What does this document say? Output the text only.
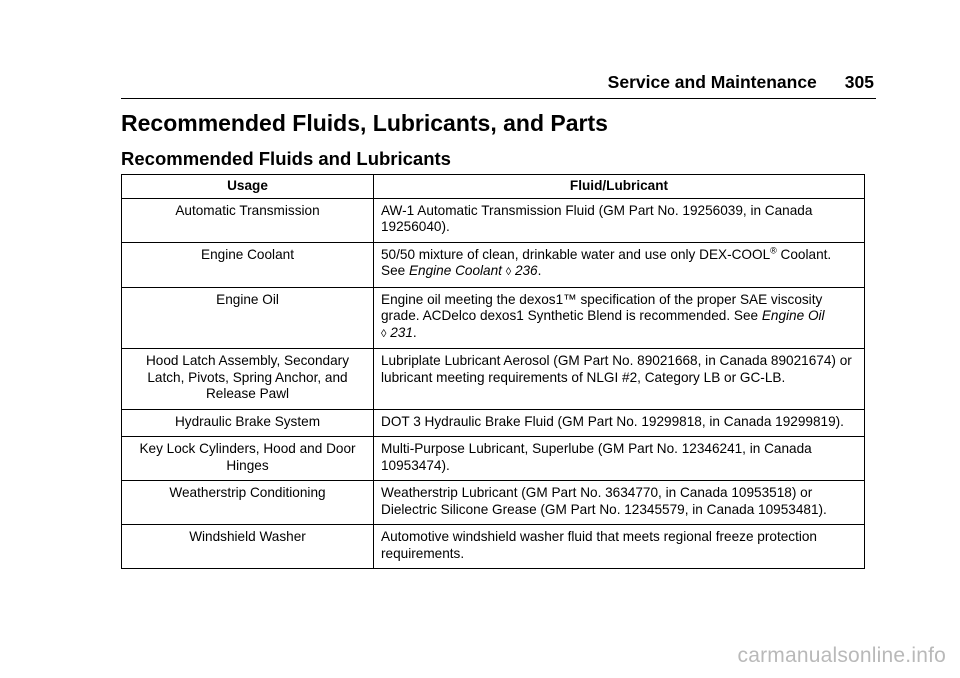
Service and Maintenance 305
Recommended Fluids, Lubricants, and Parts
Recommended Fluids and Lubricants
Usage	Fluid/Lubricant
Automatic Transmission	AW-1 Automatic Transmission Fluid (GM Part No. 19256039, in Canada 19256040).
Engine Coolant	50/50 mixture of clean, drinkable water and use only DEX-COOL® Coolant. See Engine Coolant ◊ 236.
Engine Oil	Engine oil meeting the dexos1™ specification of the proper SAE viscosity grade. ACDelco dexos1 Synthetic Blend is recommended. See Engine Oil
◊ 231.
Hood Latch Assembly, Secondary Latch, Pivots, Spring Anchor, and Release Pawl	Lubriplate Lubricant Aerosol (GM Part No. 89021668, in Canada 89021674) or lubricant meeting requirements of NLGI #2, Category LB or GC-LB.
Hydraulic Brake System	DOT 3 Hydraulic Brake Fluid (GM Part No. 19299818, in Canada 19299819).
Key Lock Cylinders, Hood and Door Hinges	Multi-Purpose Lubricant, Superlube (GM Part No. 12346241, in Canada 10953474).
Weatherstrip Conditioning	Weatherstrip Lubricant (GM Part No. 3634770, in Canada 10953518) or Dielectric Silicone Grease (GM Part No. 12345579, in Canada 10953481).
Windshield Washer	Automotive windshield washer fluid that meets regional freeze protection requirements.
carmanualsonline.info
